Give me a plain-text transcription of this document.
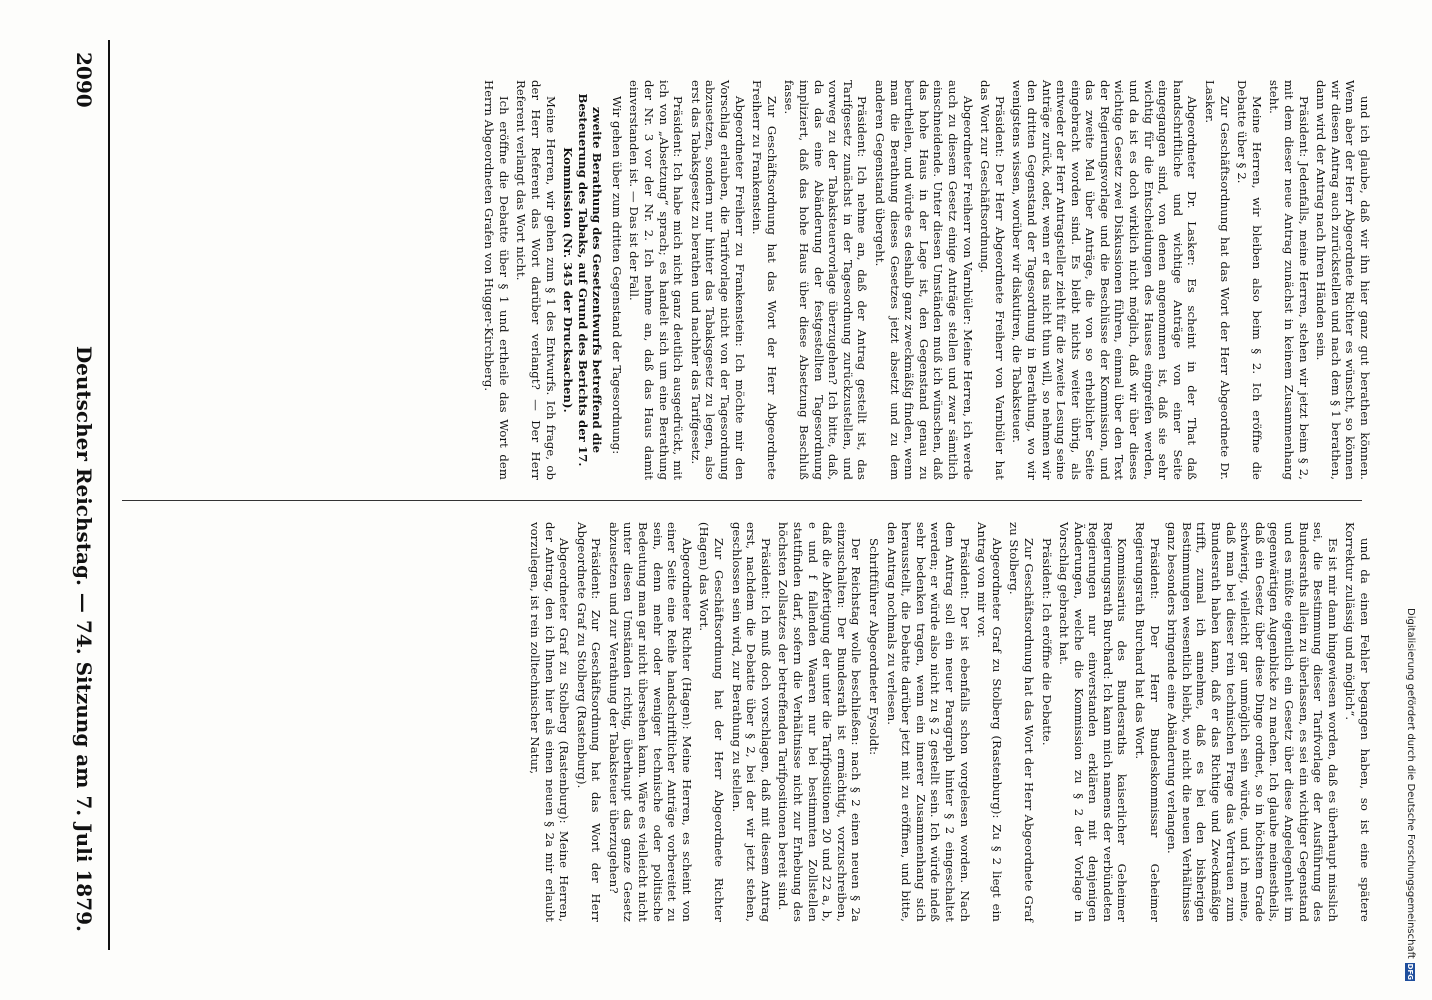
2090
Deutscher Reichstag. — 74. Sitzung am 7. Juli 1879.	und da einen Fehler begangen haben, so ist eine spätere Korrektur zulässig und möglich“.

Es ist mir dann hingewiesen worden, daß es überhaupt misslich sei, die Bestimmung dieser Tarifvorlage der Ausführung des Bundesraths allein zu überlassen, es sei ein wichtiger Gegenstand und es müßte eigentlich ein Gesetz über diese Angelegenheit im gegenwärtigen Augenblicke zu machen. Ich glaube meinestheils, daß ein Gesetz über diese Dinge ordnet, so in höchstem Grade schwierig, vielleicht gar unmöglich sein würde, und ich meine, daß man bei dieser rein technischen Frage das Vertrauen zum Bundesrath haben kann, daß er das Richtige und Zweckmäßige trifft, zumal ich annehme, daß es bei den bisherigen Bestimmungen wesentlich bleibt, wo nicht die neuen Verhältnisse ganz besonders bringende eine Abänderung verlangen.

Präsident: Der Herr Bundeskommissar Geheimer Regierungsrath Burchard hat das Wort.

Kommissarius des Bundesraths kaiserlicher Geheimer Regierungsrath Burchard: Ich kann mich namens der verbündeten Regierungen nur einverstanden erklären mit denjenigen Änderungen, welche die Kommission zu § 2 der Vorlage in Vorschlag gebracht hat.

Präsident: Ich eröffne die Debatte.

Zur Geschäftsordnung hat das Wort der Herr Abgeordnete Graf zu Stolberg.

Abgeordneter Graf zu Stolberg (Rastenburg): Zu § 2 liegt ein Antrag von mir vor.

Präsident: Der ist ebenfalls schon vorgelesen worden. Nach dem Antrag soll ein neuer Paragraph hinter § 2 eingeschaltet werden; er würde also nicht zu § 2 gestellt sein. Ich würde indeß sehr bedenken tragen, wenn ein innerer Zusammenhang sich herausstellt, die Debatte darüber jetzt mit zu eröffnen, und bitte, den Antrag nochmals zu verlesen.

Schriftführer Abgeordneter Eysoldt:

Der Reichstag wolle beschließen: nach § 2 einen neuen § 2a einzuschalten: Der Bundesrath ist ermächtigt, vorzuschreiben, daß die Abfertigung der unter die Tarifpositionen 20 und 22 a, b, e und f fallenden Waaren nur bei bestimmten Zollstellen stattfinden darf, sofern die Verhältnisse nicht zur Erhebung des höchsten Zollsatzes der betreffenden Tarifpositionen bereit sind.

Präsident: Ich muß doch vorschlagen, daß mit diesem Antrag erst, nachdem die Debatte über § 2, bei der wir jetzt stehen, geschlossen sein wird, zur Berathung zu stellen.

Zur Geschäftsordnung hat der Herr Abgeordnete Richter (Hagen) das Wort.

Abgeordneter Richter (Hagen): Meine Herren, es scheint von einer Seite eine Reihe handschriftlicher Anträge vorbereitet zu sein, denn mehr oder weniger technische oder politische Bedeutung man gar nicht übersehen kann. Wäre es vielleicht nicht unter diesen Umständen richtig, überhaupt das ganze Gesetz abzusetzen und zur Verathung der Tabaksteuer überzugehen?

Präsident: Zur Geschäftsordnung hat das Wort der Herr Abgeordnete Graf zu Stolberg (Rastenburg).

Abgeordneter Graf zu Stolberg (Rastenburg): Meine Herren, der Antrag, den ich Ihnen hier als einen neuen § 2a mir erlaubt vorzulegen, ist rein zolltechnischer Natur,

und ich glaube, daß wir ihn hier ganz gut berathen können. Wenn aber der Herr Abgeordnete Richter es wünscht, so können wir diesen Antrag auch zurückstellen und nach dem § 1 berathen, dann wird der Antrag nach Ihren Händen sein.

Präsident: Jedenfalls, meine Herren, stehen wir jetzt beim § 2, mit dem dieser neue Antrag zunächst in keinem Zusammenhang steht.

Meine Herren, wir bleiben also beim § 2. Ich eröffne die Debatte über § 2.

Zur Geschäftsordnung hat das Wort der Herr Abgeordnete Dr. Lasker.

Abgeordneter Dr. Lasker: Es scheint in der That daß handschriftliche und wichtige Anträge von einer Seite eingegangen sind, von denen angenommen ist, daß sie sehr wichtig für die Entscheidungen des Hauses eingreifen werden, und da ist es doch wirklich nicht möglich, daß wir über dieses wichtige Gesetz zwei Diskussionen führen, einmal über den Text der Regierungsvorlage und die Beschlüsse der Kommission, und das zweite Mal über Anträge, die von so erheblicher Seite eingebracht worden sind. Es bleibt nichts weiter übrig, als entweder der Herr Antragsteller zieht für die zweite Lesung seine Anträge zurück, oder, wenn er das nicht thun will, so nehmen wir den dritten Gegenstand der Tagesordnung in Berathung, wo wir wenigstens wissen, worüber wir diskutiren, die Tabaksteuer.

Präsident: Der Herr Abgeordnete Freiherr von Varnbüler hat das Wort zur Geschäftsordnung.

Abgeordneter Freiherr von Varnbüler: Meine Herren, ich werde auch zu diesem Gesetz einige Anträge stellen und zwar sämtlich einschneidende. Unter diesen Umständen muß ich wünschen, daß das hohe Haus in der Lage ist, den Gegenstand genau zu beurtheilen, und würde es deshalb ganz zweckmäßig finden, wenn man die Berathung dieses Gesetzes jetzt absetzt und zu dem anderen Gegenstand übergeht.

Präsident: Ich nehme an, daß der Antrag gestellt ist, das Tarifgesetz zunächst in der Tagesordnung zurückzustellen, und vorweg zu der Tabaksteuervorlage überzugehen? Ich bitte, daß, da das eine Abänderung der festgestellten Tagesordnung impliziert, daß das hohe Haus über diese Absetzung Beschluß fasse.

Zur Geschäftsordnung hat das Wort der Herr Abgeordnete Freiherr zu Frankenstein.

Abgeordneter Freiherr zu Frankenstein: Ich möchte mir den Vorschlag erlauben, die Tarifvorlage nicht von der Tagesordnung abzusetzen, sondern nur hinter das Tabaksgesetz zu legen, also erst das Tabaksgesetz zu berathen und nachher das Tarifgesetz.

Präsident: Ich habe mich nicht ganz deutlich ausgedrückt, mit ich von „Absetzung“ sprach; es handelt sich um eine Berathung der Nr. 3 vor der Nr. 2. Ich nehme an, daß das Haus damit einverstanden ist. — Das ist der Fall.

Wir gehen über zum dritten Gegenstand der Tagesordnung:

zweite Berathung des Gesetzentwurfs betreffend die Besteuerung des Tabaks, auf Grund des Berichts der 17. Kommission (Nr. 345 der Drucksachen).

Meine Herren, wir gehen zum § 1 des Entwurfs. Ich frage, ob der Herr Referent das Wort darüber verlangt? — Der Herr Referent verlangt das Wort nicht.

Ich eröffne die Debatte über § 1 und ertheile das Wort dem Herrn Abgeordneten Grafen von Hugger-Kirchberg.

Digitalisierung gefördert durch die Deutsche Forschungsgemeinschaft
DFG
